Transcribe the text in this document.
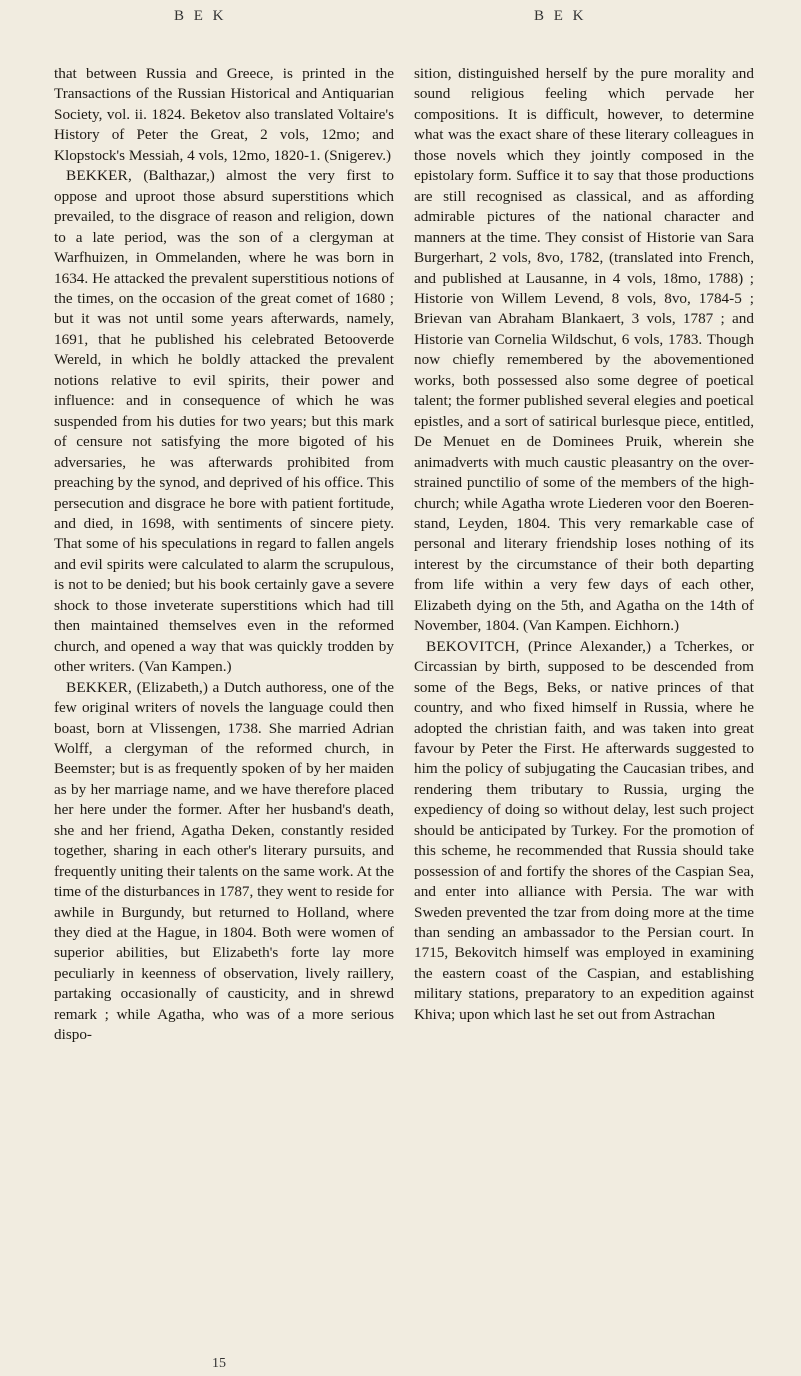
B E K	B E K

that between Russia and Greece, is printed in the Transactions of the Russian Historical and Antiquarian Society, vol. ii. 1824. Beketov also translated Voltaire's History of Peter the Great, 2 vols, 12mo; and Klopstock's Messiah, 4 vols, 12mo, 1820-1. (Snigerev.)

BEKKER, (Balthazar,) almost the very first to oppose and uproot those absurd superstitions which prevailed, to the disgrace of reason and religion, down to a late period, was the son of a clergyman at Warfhuizen, in Ommelanden, where he was born in 1634. He attacked the prevalent superstitious notions of the times, on the occasion of the great comet of 1680 ; but it was not until some years afterwards, namely, 1691, that he published his celebrated Betooverde Wereld, in which he boldly attacked the prevalent notions relative to evil spirits, their power and influence: and in consequence of which he was suspended from his duties for two years; but this mark of censure not satisfying the more bigoted of his adversaries, he was afterwards prohibited from preaching by the synod, and deprived of his office. This persecution and disgrace he bore with patient fortitude, and died, in 1698, with sentiments of sincere piety. That some of his speculations in regard to fallen angels and evil spirits were calculated to alarm the scrupulous, is not to be denied; but his book certainly gave a severe shock to those inveterate superstitions which had till then maintained themselves even in the reformed church, and opened a way that was quickly trodden by other writers. (Van Kampen.)

BEKKER, (Elizabeth,) a Dutch authoress, one of the few original writers of novels the language could then boast, born at Vlissengen, 1738. She married Adrian Wolff, a clergyman of the reformed church, in Beemster; but is as frequently spoken of by her maiden as by her marriage name, and we have therefore placed her here under the former. After her husband's death, she and her friend, Agatha Deken, constantly resided together, sharing in each other's literary pursuits, and frequently uniting their talents on the same work. At the time of the disturbances in 1787, they went to reside for awhile in Burgundy, but returned to Holland, where they died at the Hague, in 1804. Both were women of superior abilities, but Elizabeth's forte lay more peculiarly in keenness of observation, lively raillery, partaking occasionally of causticity, and in shrewd remark ; while Agatha, who was of a more serious dispo-

sition, distinguished herself by the pure morality and sound religious feeling which pervade her compositions. It is difficult, however, to determine what was the exact share of these literary colleagues in those novels which they jointly composed in the epistolary form. Suffice it to say that those productions are still recognised as classical, and as affording admirable pictures of the national character and manners at the time. They consist of Historie van Sara Burgerhart, 2 vols, 8vo, 1782, (translated into French, and published at Lausanne, in 4 vols, 18mo, 1788) ; Historie von Willem Levend, 8 vols, 8vo, 1784-5 ; Brievan van Abraham Blankaert, 3 vols, 1787 ; and Historie van Cornelia Wildschut, 6 vols, 1783. Though now chiefly remembered by the abovementioned works, both possessed also some degree of poetical talent; the former published several elegies and poetical epistles, and a sort of satirical burlesque piece, entitled, De Menuet en de Dominees Pruik, wherein she animadverts with much caustic pleasantry on the over-strained punctilio of some of the members of the high-church; while Agatha wrote Liederen voor den Boeren-stand, Leyden, 1804. This very remarkable case of personal and literary friendship loses nothing of its interest by the circumstance of their both departing from life within a very few days of each other, Elizabeth dying on the 5th, and Agatha on the 14th of November, 1804. (Van Kampen. Eichhorn.)

BEKOVITCH, (Prince Alexander,) a Tcherkes, or Circassian by birth, supposed to be descended from some of the Begs, Beks, or native princes of that country, and who fixed himself in Russia, where he adopted the christian faith, and was taken into great favour by Peter the First. He afterwards suggested to him the policy of subjugating the Caucasian tribes, and rendering them tributary to Russia, urging the expediency of doing so without delay, lest such project should be anticipated by Turkey. For the promotion of this scheme, he recommended that Russia should take possession of and fortify the shores of the Caspian Sea, and enter into alliance with Persia. The war with Sweden prevented the tzar from doing more at the time than sending an ambassador to the Persian court. In 1715, Bekovitch himself was employed in examining the eastern coast of the Caspian, and establishing military stations, preparatory to an expedition against Khiva; upon which last he set out from Astrachan

15
